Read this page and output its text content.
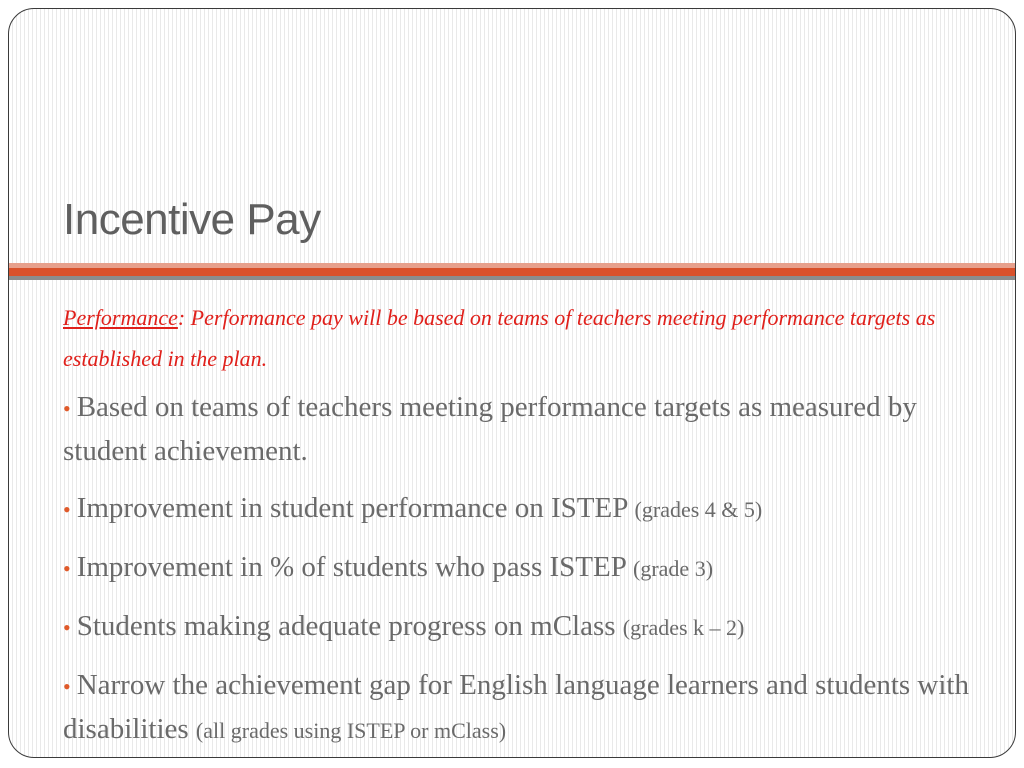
Incentive Pay

Performance: Performance pay will be based on teams of teachers meeting performance targets as established in the plan.

• Based on teams of teachers meeting performance targets as measured by student achievement.
• Improvement in student performance on ISTEP (grades 4 & 5)
• Improvement in % of students who pass ISTEP (grade 3)
• Students making adequate progress on mClass (grades k – 2)
• Narrow the achievement gap for English language learners and students with disabilities (all grades using ISTEP or mClass)
